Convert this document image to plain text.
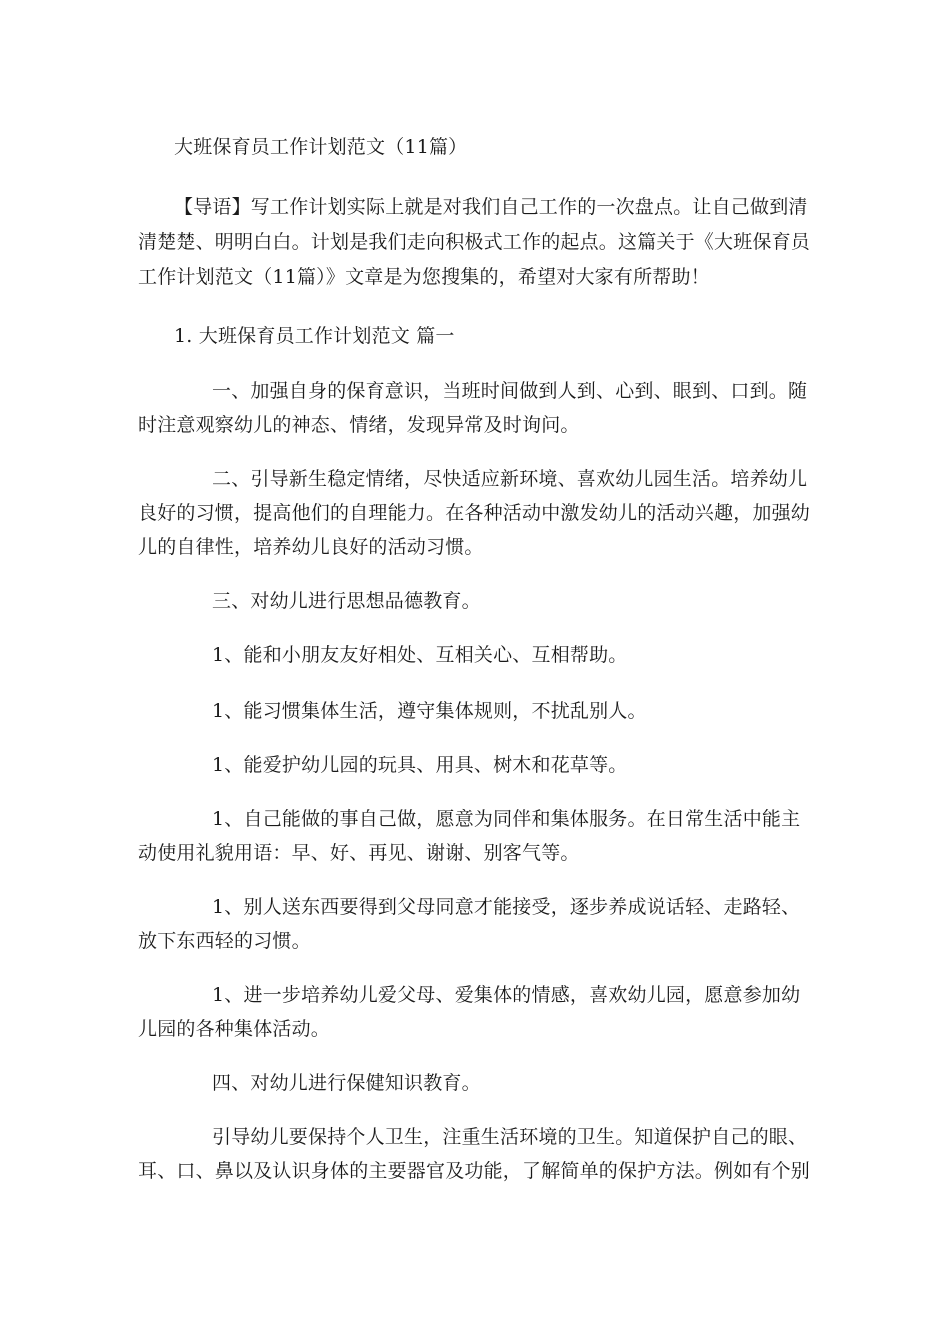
大班保育员工作计划范文（11篇）
【导语】写工作计划实际上就是对我们自己工作的一次盘点。让自己做到清
清楚楚、明明白白。计划是我们走向积极式工作的起点。这篇关于《大班保育员
工作计划范文（11篇）》文章是为您搜集的，希望对大家有所帮助！
1. 大班保育员工作计划范文 篇一
一、加强自身的保育意识，当班时间做到人到、心到、眼到、口到。随
时注意观察幼儿的神态、情绪，发现异常及时询问。
二、引导新生稳定情绪，尽快适应新环境、喜欢幼儿园生活。培养幼儿
良好的习惯，提高他们的自理能力。在各种活动中激发幼儿的活动兴趣，加强幼
儿的自律性，培养幼儿良好的活动习惯。
三、对幼儿进行思想品德教育。
1、能和小朋友友好相处、互相关心、互相帮助。
1、能习惯集体生活，遵守集体规则，不扰乱别人。
1、能爱护幼儿园的玩具、用具、树木和花草等。
1、自己能做的事自己做，愿意为同伴和集体服务。在日常生活中能主
动使用礼貌用语：早、好、再见、谢谢、别客气等。
1、别人送东西要得到父母同意才能接受，逐步养成说话轻、走路轻、
放下东西轻的习惯。
1、进一步培养幼儿爱父母、爱集体的情感，喜欢幼儿园，愿意参加幼
儿园的各种集体活动。
四、对幼儿进行保健知识教育。
引导幼儿要保持个人卫生，注重生活环境的卫生。知道保护自己的眼、
耳、口、鼻以及认识身体的主要器官及功能，了解简单的保护方法。例如有个别
